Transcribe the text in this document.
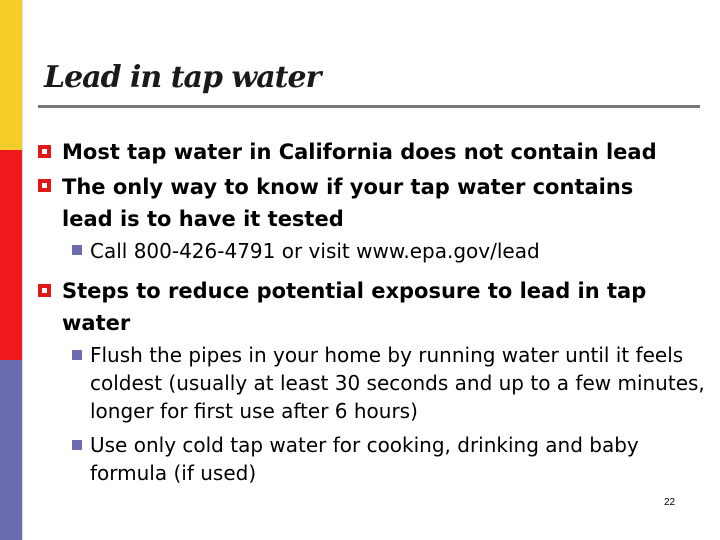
Lead in tap water

Most tap water in California does not contain lead

The only way to know if your tap water contains lead is to have it tested

Call 800-426-4791 or visit www.epa.gov/lead

Steps to reduce potential exposure to lead in tap water

Flush the pipes in your home by running water until it feels coldest (usually at least 30 seconds and up to a few minutes, longer for first use after 6 hours)

Use only cold tap water for cooking, drinking and baby formula (if used)

22
